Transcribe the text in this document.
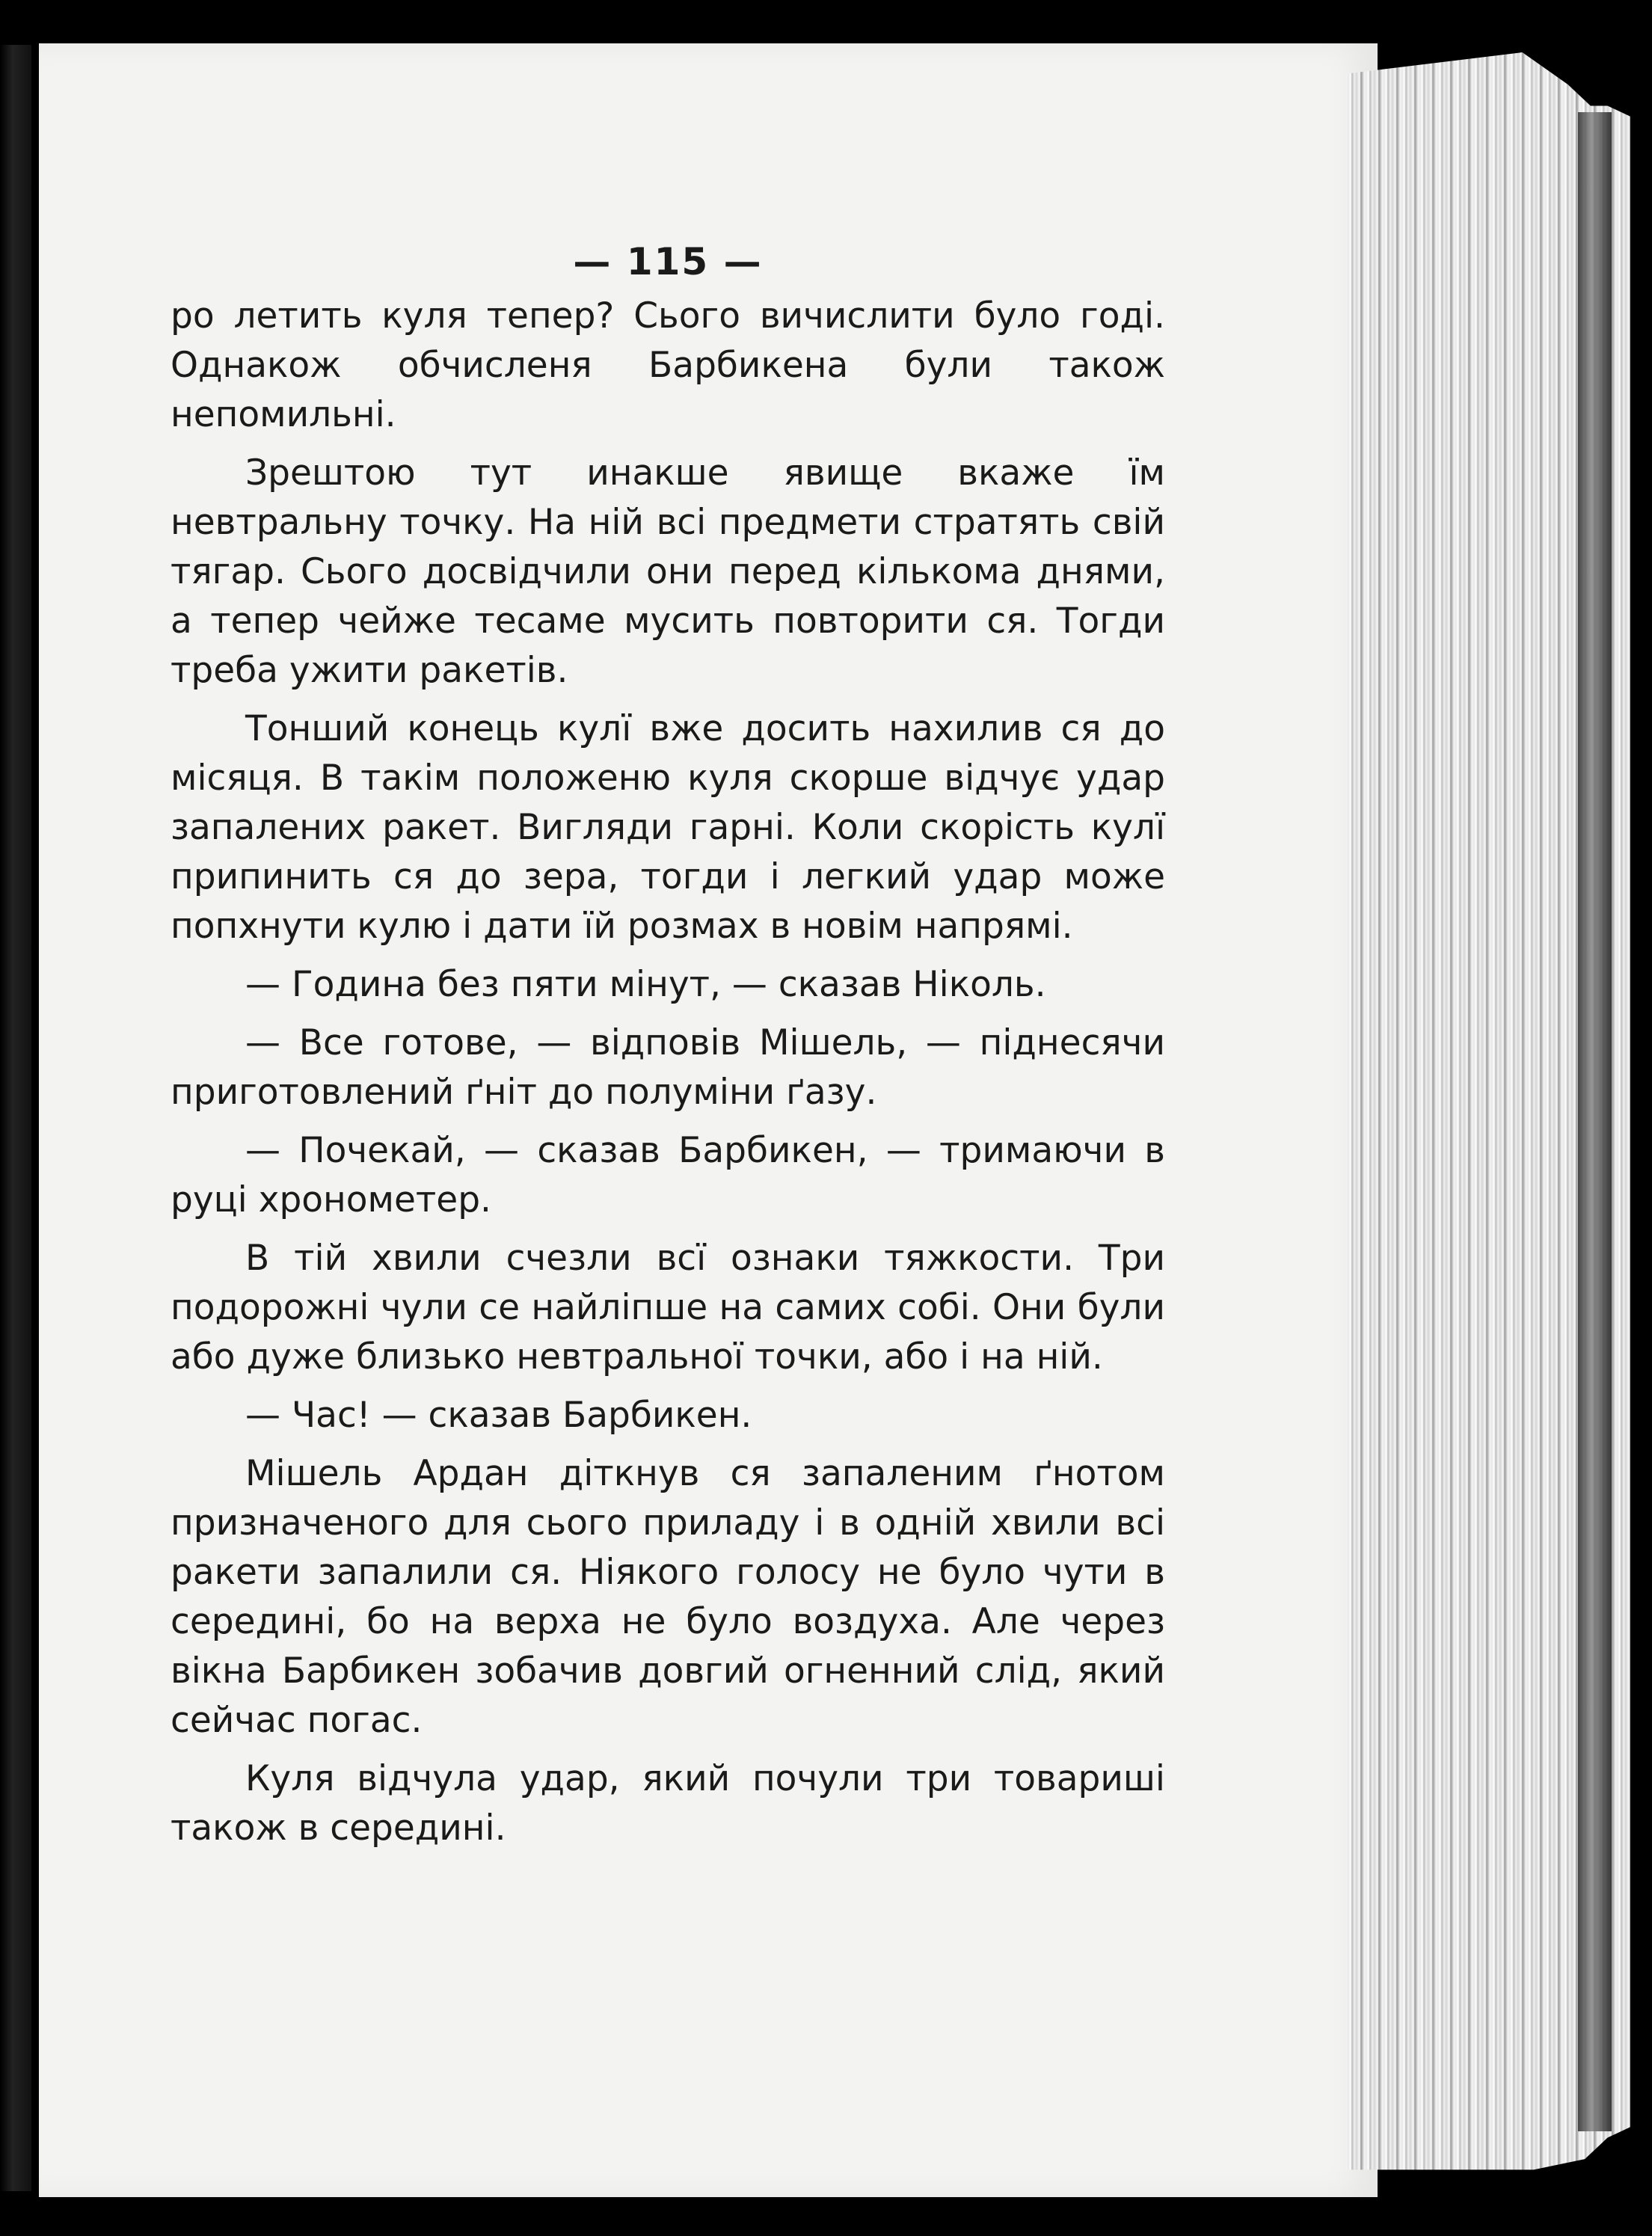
— 115 —

ро летить куля тепер? Сього вичислити було годі. Однакож обчисленя Барбикена були також непомильні.

Зрештою тут инакше явище вкаже їм невтральну точку. На ній всі предмети стратять свій тягар. Сього досвідчили они перед кількома днями, а тепер чейже тесаме мусить повторити ся. Тогди треба ужити ракетів.

Тонший конець кулї вже досить нахилив ся до місяця. В такім положеню куля скорше відчує удар запалених ракет. Вигляди гарні. Коли скорість кулї припинить ся до зера, тогди і легкий удар може попхнути кулю і дати їй розмах в новім напрямі.

— Година без пяти мінут, — сказав Ніколь.

— Все готове, — відповів Мішель, — піднесячи приготовлений ґніт до полуміни ґазу.

— Почекай, — сказав Барбикен, — тримаючи в руці хронометер.

В тій хвили счезли всї ознаки тяжкости. Три подорожні чули се найліпше на самих собі. Они були або дуже близько невтральної точки, або і на ній.

— Час! — сказав Барбикен.

Мішель Ардан діткнув ся запаленим ґнотом призначеного для сього приладу і в одній хвили всі ракети запалили ся. Ніякого голосу не було чути в середині, бо на верха не було воздуха. Але через вікна Барбикен зобачив довгий огненний слід, який сейчас погас.

Куля відчула удар, який почули три товариші також в середині.
